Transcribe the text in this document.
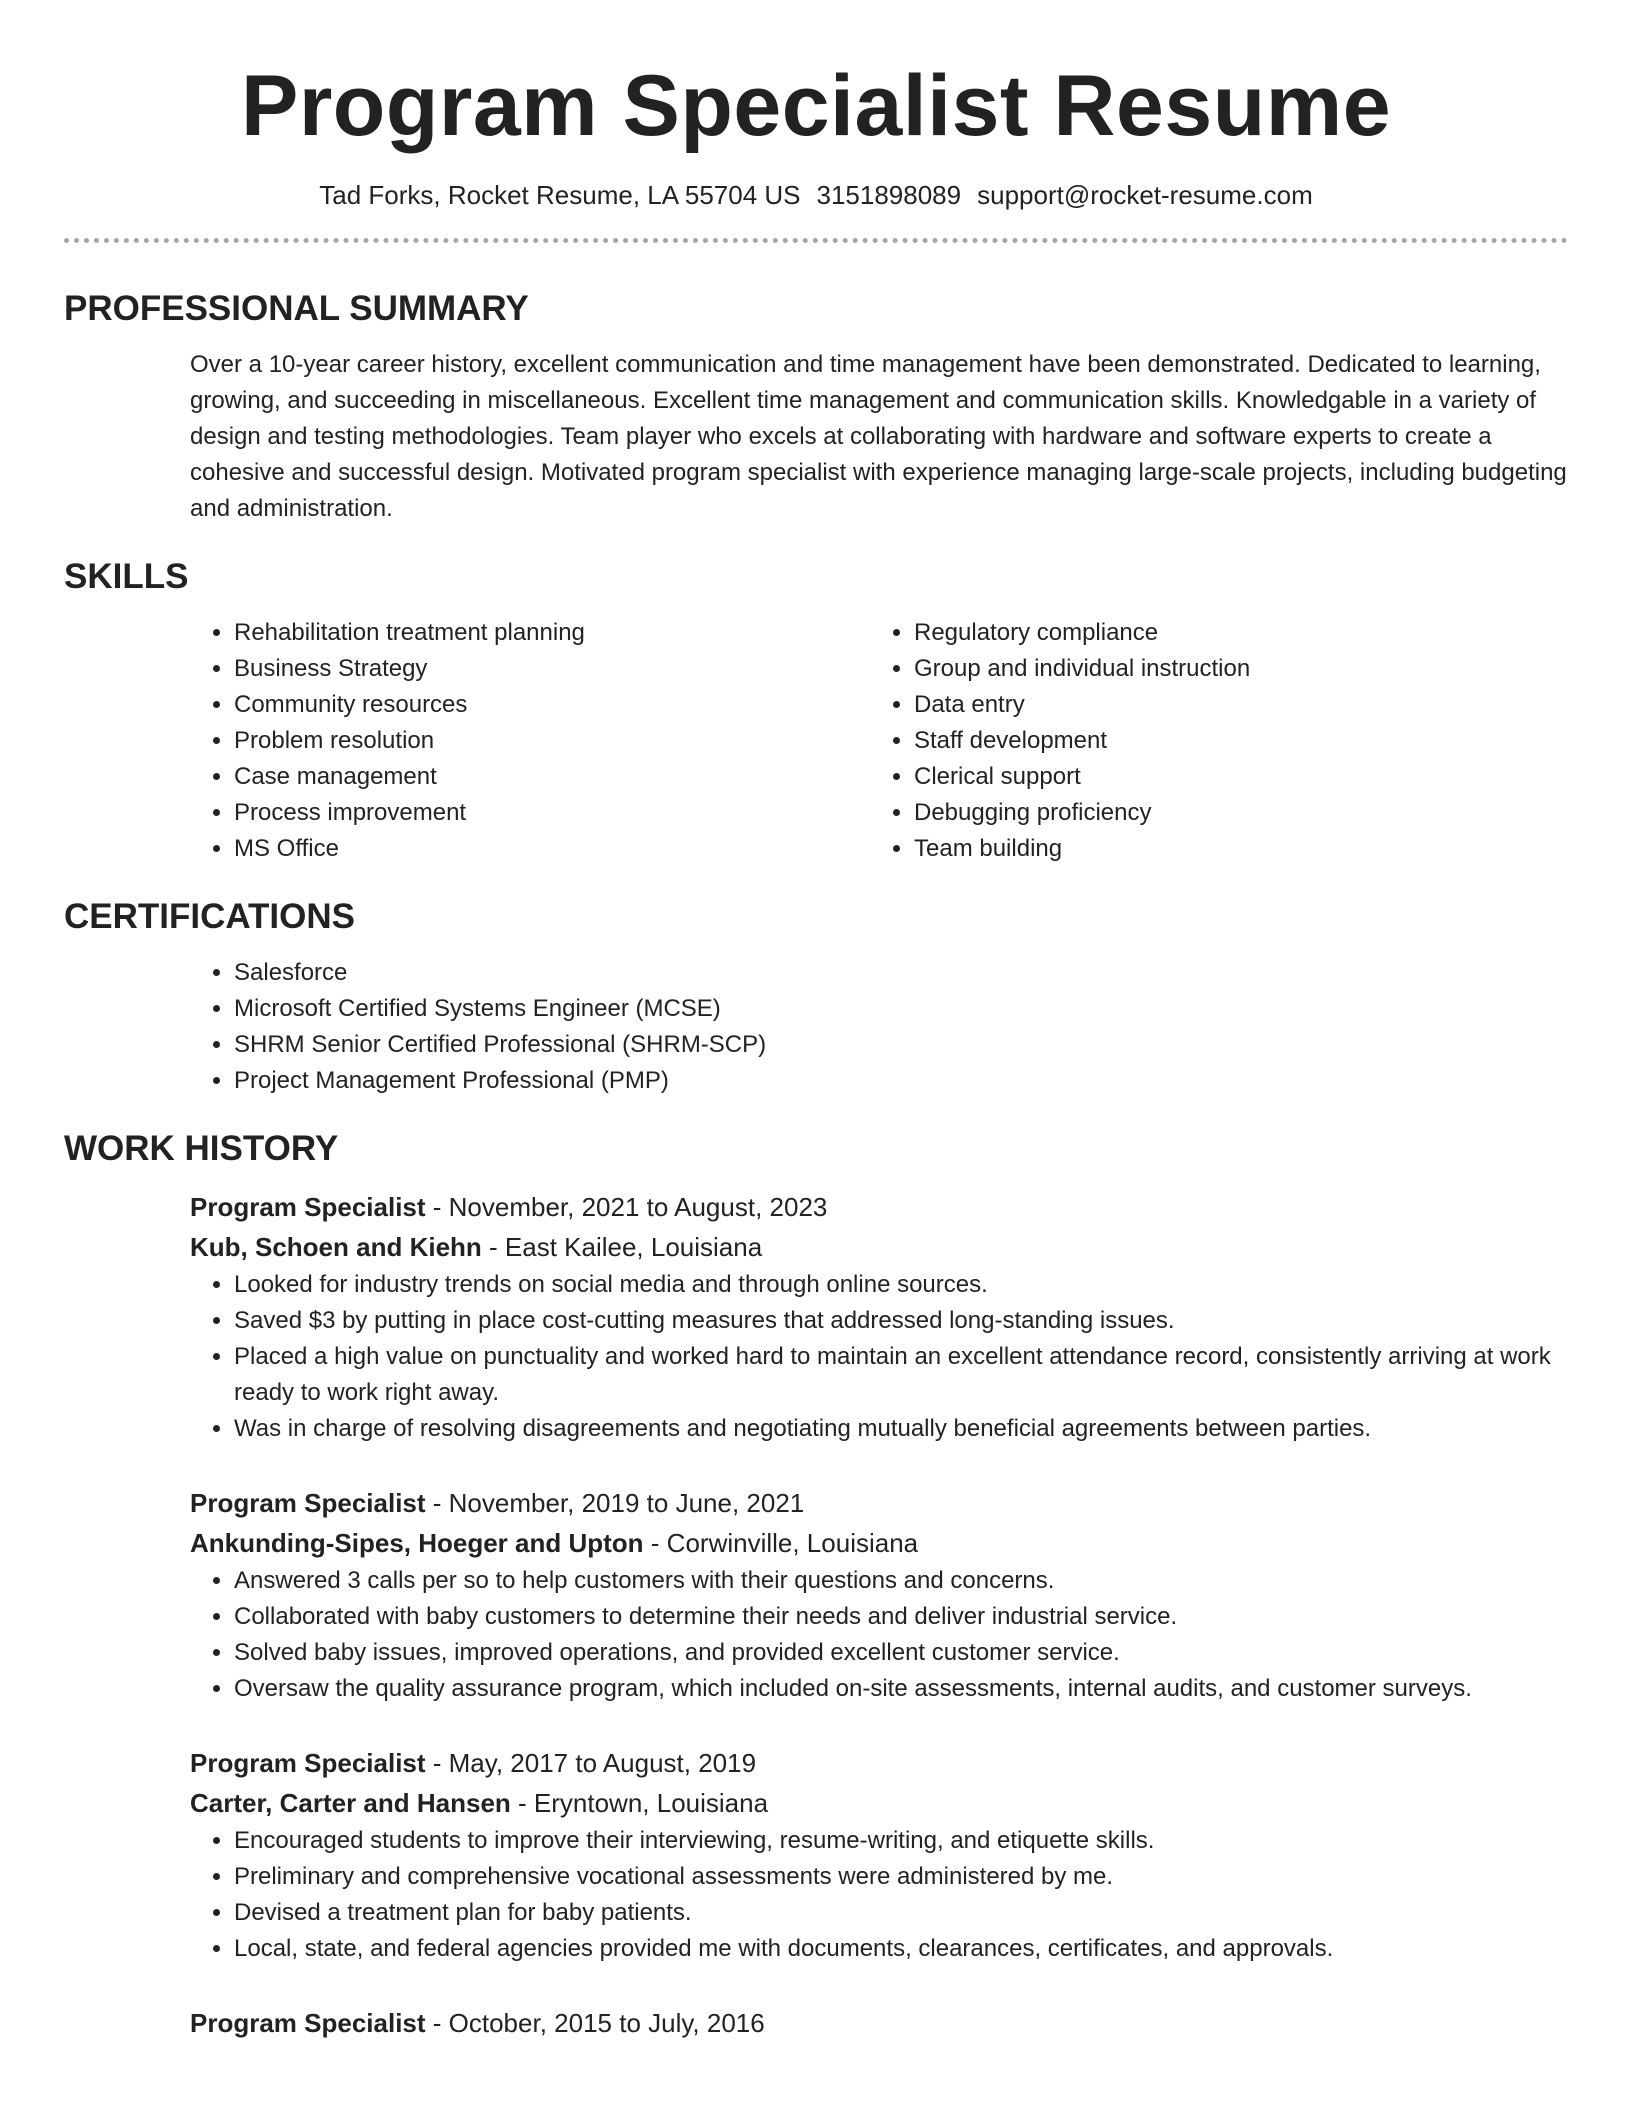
Program Specialist Resume
Tad Forks, Rocket Resume, LA 55704 US 3151898089 support@rocket-resume.com
PROFESSIONAL SUMMARY
Over a 10-year career history, excellent communication and time management have been demonstrated. Dedicated to learning, growing, and succeeding in miscellaneous. Excellent time management and communication skills. Knowledgable in a variety of design and testing methodologies. Team player who excels at collaborating with hardware and software experts to create a cohesive and successful design. Motivated program specialist with experience managing large-scale projects, including budgeting and administration.
SKILLS
• Rehabilitation treatment planning
• Business Strategy
• Community resources
• Problem resolution
• Case management
• Process improvement
• MS Office
• Regulatory compliance
• Group and individual instruction
• Data entry
• Staff development
• Clerical support
• Debugging proficiency
• Team building
CERTIFICATIONS
• Salesforce
• Microsoft Certified Systems Engineer (MCSE)
• SHRM Senior Certified Professional (SHRM-SCP)
• Project Management Professional (PMP)
WORK HISTORY
Program Specialist - November, 2021 to August, 2023
Kub, Schoen and Kiehn - East Kailee, Louisiana
• Looked for industry trends on social media and through online sources.
• Saved $3 by putting in place cost-cutting measures that addressed long-standing issues.
• Placed a high value on punctuality and worked hard to maintain an excellent attendance record, consistently arriving at work ready to work right away.
• Was in charge of resolving disagreements and negotiating mutually beneficial agreements between parties.
Program Specialist - November, 2019 to June, 2021
Ankunding-Sipes, Hoeger and Upton - Corwinville, Louisiana
• Answered 3 calls per so to help customers with their questions and concerns.
• Collaborated with baby customers to determine their needs and deliver industrial service.
• Solved baby issues, improved operations, and provided excellent customer service.
• Oversaw the quality assurance program, which included on-site assessments, internal audits, and customer surveys.
Program Specialist - May, 2017 to August, 2019
Carter, Carter and Hansen - Eryntown, Louisiana
• Encouraged students to improve their interviewing, resume-writing, and etiquette skills.
• Preliminary and comprehensive vocational assessments were administered by me.
• Devised a treatment plan for baby patients.
• Local, state, and federal agencies provided me with documents, clearances, certificates, and approvals.
Program Specialist - October, 2015 to July, 2016
